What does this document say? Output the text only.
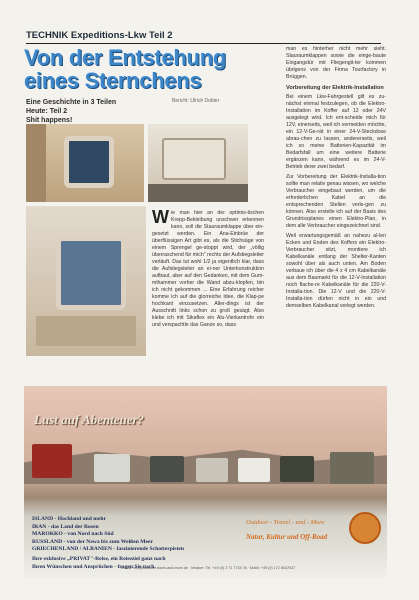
TECHNIK Expeditions-Lkw Teil 2
Von der Entstehung
eines Sternchens
Eine Geschichte in 3 Teilen
Heute: Teil 2
Shit happens!
Bericht: Ulrich Dobler
Wie man hier an der optimis-tischen Krepp-Bekleibung unschwer erkennen kann, soll die Stauraumklappe über ein-gesetzt werden. Ein Ana-Einbrüe der überflüssigen Art gibt es, als die Stichsäge von einem Sprengel ge-stoppt wird, der „völlig überraschend für mich" rechts der Aufstiegsleiter verläuft. Das tut wohl 1/2 ja eigentlich klar, dass die Aufstiegsleiter an ei-ner Unterkonstruktion aufbaut, aber auf den Gedanken, mit dem Gum-mihammer vorher die Wand abzu-klopfen, bin ich nicht gekommen ... Eine Erfahrung reicher komme ich auf die glorreiche Idee, die Klap-pe hochkant einzusetzen. Aller-dings ist der Ausschnitt links schon zu groß gesägt. Also klebe ich mit Sikaflex ein Alu-Vierkantrohr ein und verspachtle das Ganze so, dass
man es hinterher nicht mehr sieht. Stauraumklappen sowie die einge-baute Eingangstür mit Fliegengit-ter kommen übrigens von der Firma Tourfactory in Brüggen.
Vorbereitung der Elektrik-Installation
Bei einem Lkw-Fahrgestell gilt es zu-nächst einmal festzulegen, ob die Elektro-Installation im Koffer auf 12 oder 24V ausgelegt wird. Ich ent-scheide mich für 12V, einerseits, weil ich vermeiden möchte, ein 12-V-Ge-rät in einer 24-V-Steckdose abrau-chen zu lassen, andererseits, weil ich so meine Batterien-Kapazität im Bedarfsfall um eine weitere Batterie ergänzen kann, während es im 24-V-Betrieb derer zwei bedarf.
Zur Vorbereitung der Elektrik-Installa-tion sollte man relativ genau wissen, wo welche Verbraucher eingebaut werden, um die erforderlichen Kabel an die entsprechenden Stellen verle-gen zu können. Also erstelle ich auf der Basis des Grundrissplanes einen Elektro-Plan, in dem alle Verbraucher eingezeichnet sind.
Weil erwartungsgemäß an nahezu al-len Ecken und Enden des Koffers ein Elektro-Verbraucher sitzt, montiere ich Kabelkanäle entlang der Shelter-Kanten sowohl über als auch unten. Am Boden verbaue ich über die 4 x 4 cm Kabelkanäle aus dem Baumarkt für die 12-V-Installation noch flache-re Kabelkanäle für die 220-V-Installa-tion. Die 12-V und die 220-V-Installa-tion dürfen nicht in ein und demselben Kabelkanal verlegt werden.
Lust auf Abenteuer?
ISLAND - Hochland und mehr
IRAN - das Land der Rosen
MAROKKO - von Nord nach Süd
RUSSLAND - von der Newa bis zum Weißen Meer
GRIECHENLAND / ALBANIEN - faszinierende Schotterpisten
Ihre exklusive „PRIVAT"-Reise, ein Reiseziel ganz nach
Ihren Wünschen und Ansprüchen - fragen Sie nach.
Outdoor - Travel - und - More
Natur, Kultur und Off-Road
E-Mail: info@outdoor-travel-and-more.de · Inhaber: Tel. +49 (0) 2 71 7734 76 · Mobil: +49 (0) 172 8437637
